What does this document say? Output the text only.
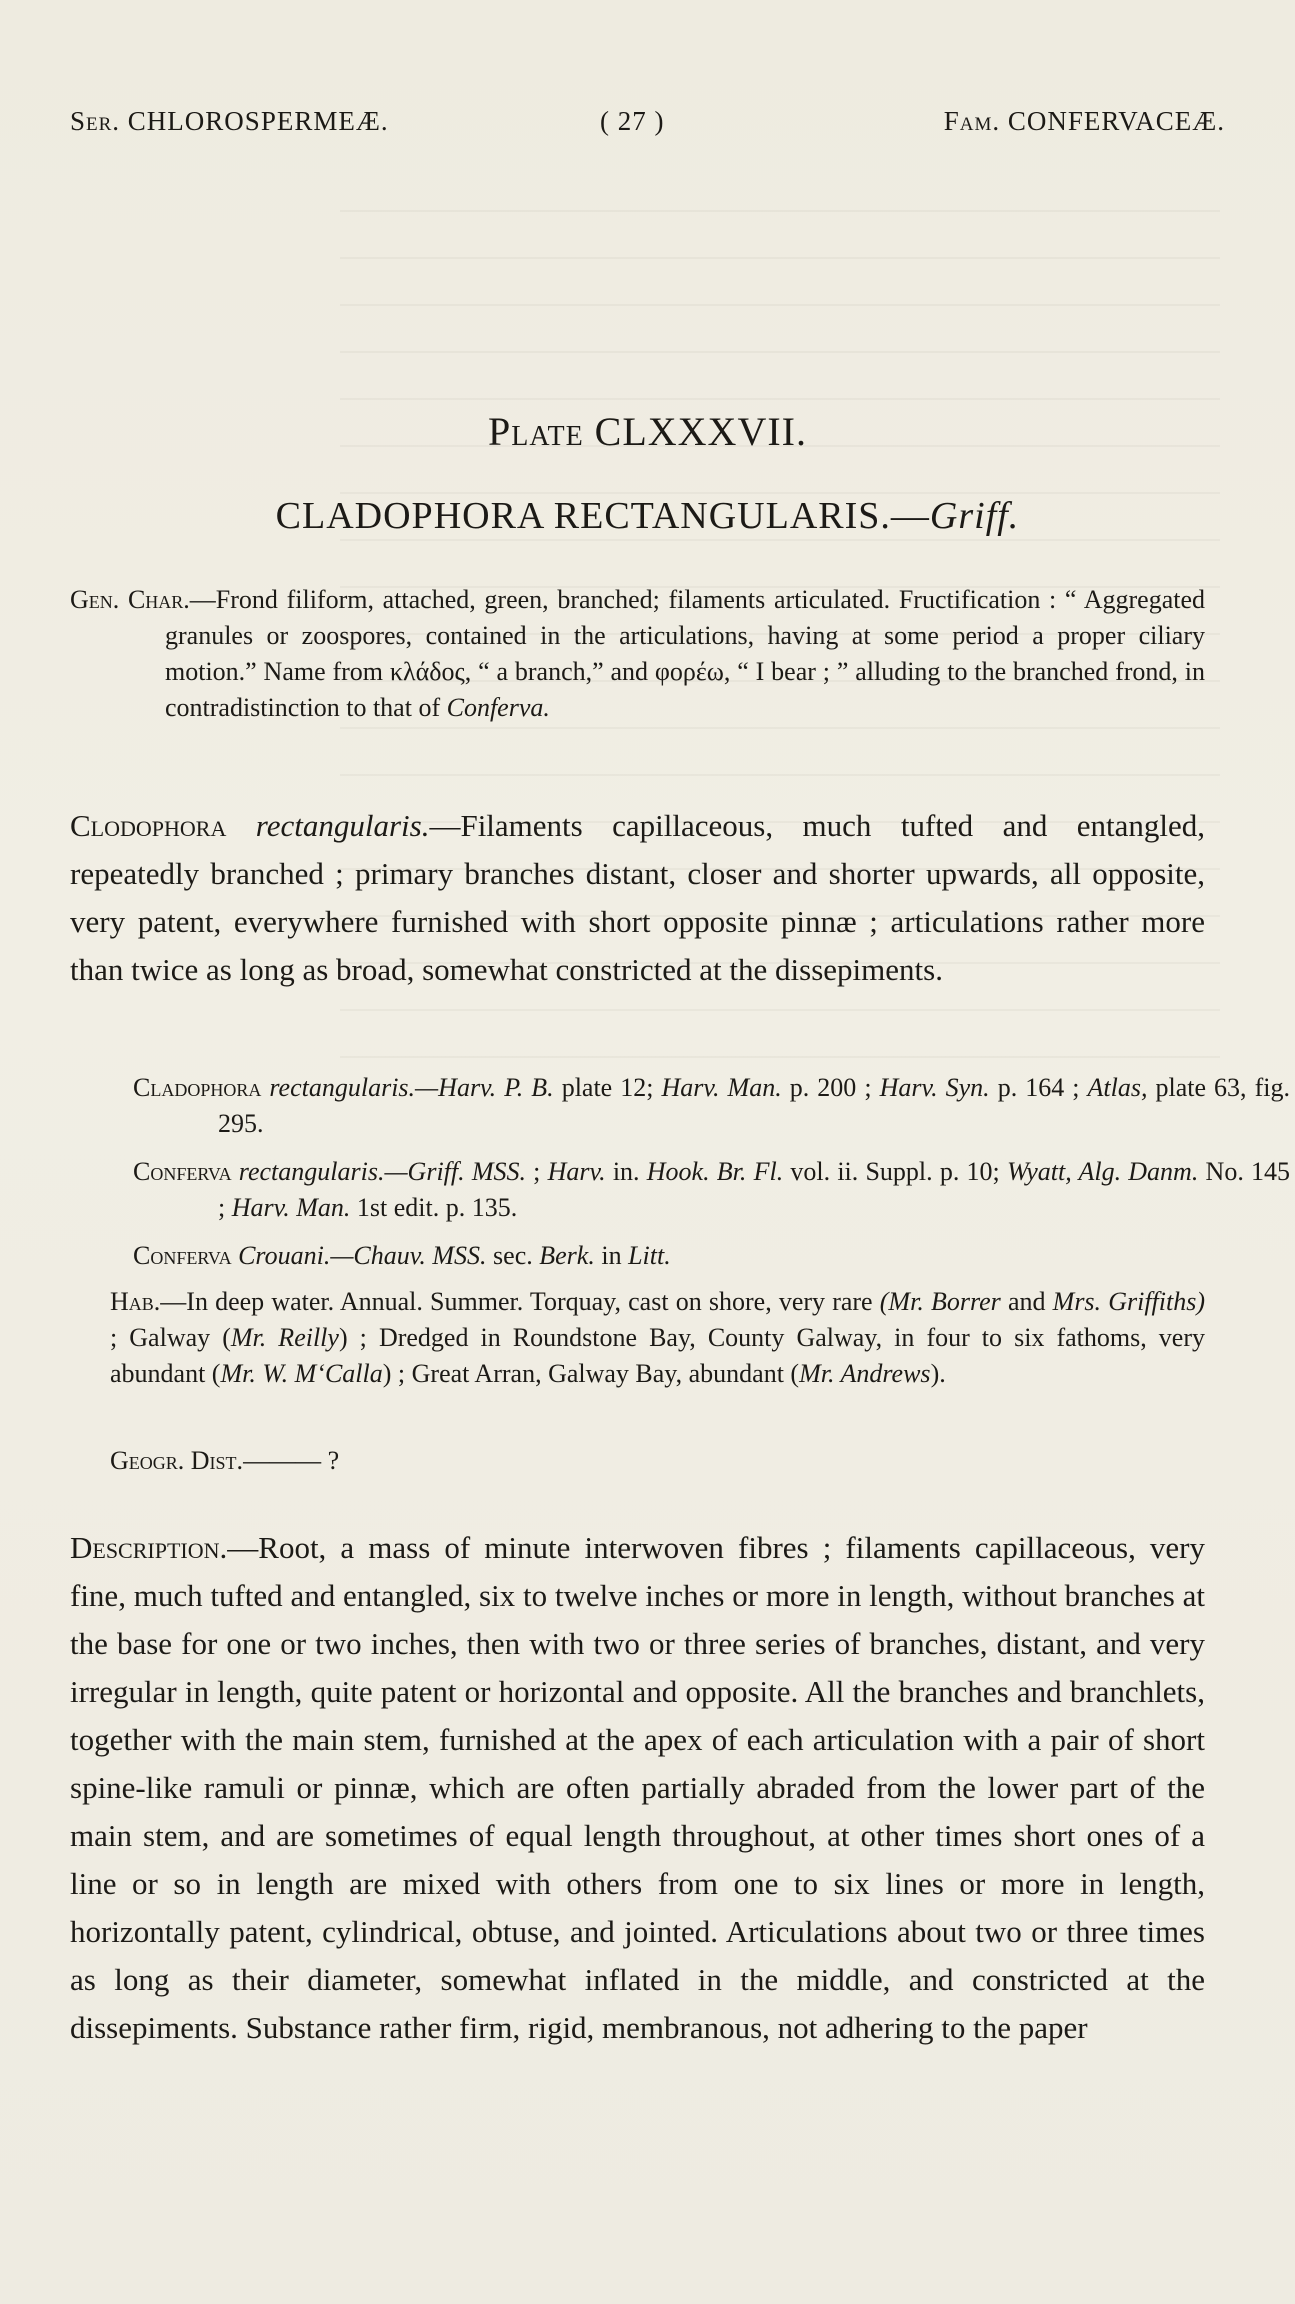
Ser. CHLOROSPERMEÆ.	( 27 )	Fam. CONFERVACEÆ.
Plate CLXXXVII.
CLADOPHORA RECTANGULARIS.—Griff.
Gen. Char.—Frond filiform, attached, green, branched; filaments articulated. Fructification : “ Aggregated granules or zoospores, contained in the articulations, having at some period a proper ciliary motion.” Name from κλάδος, “ a branch,” and φορέω, “ I bear ; ” alluding to the branched frond, in contradistinction to that of Conferva.
Clodophora rectangularis.—Filaments capillaceous, much tufted and entangled, repeatedly branched ; primary branches distant, closer and shorter upwards, all opposite, very patent, everywhere furnished with short opposite pinnæ ; articulations rather more than twice as long as broad, somewhat constricted at the dissepiments.
Cladophora rectangularis.—Harv. P. B. plate 12; Harv. Man. p. 200 ; Harv. Syn. p. 164 ; Atlas, plate 63, fig. 295.
Conferva rectangularis.—Griff. MSS. ; Harv. in. Hook. Br. Fl. vol. ii. Suppl. p. 10; Wyatt, Alg. Danm. No. 145 ; Harv. Man. 1st edit. p. 135.
Conferva Crouani.—Chauv. MSS. sec. Berk. in Litt.
Hab.—In deep water. Annual. Summer. Torquay, cast on shore, very rare (Mr. Borrer and Mrs. Griffiths) ; Galway (Mr. Reilly) ; Dredged in Roundstone Bay, County Galway, in four to six fathoms, very abundant (Mr. W. M‘Calla) ; Great Arran, Galway Bay, abundant (Mr. Andrews).
Geogr. Dist.——— ?
Description.—Root, a mass of minute interwoven fibres ; filaments capillaceous, very fine, much tufted and entangled, six to twelve inches or more in length, without branches at the base for one or two inches, then with two or three series of branches, distant, and very irregular in length, quite patent or horizontal and opposite. All the branches and branchlets, together with the main stem, furnished at the apex of each articulation with a pair of short spine-like ramuli or pinnæ, which are often partially abraded from the lower part of the main stem, and are sometimes of equal length throughout, at other times short ones of a line or so in length are mixed with others from one to six lines or more in length, horizontally patent, cylindrical, obtuse, and jointed. Articulations about two or three times as long as their diameter, somewhat inflated in the middle, and constricted at the dissepiments. Substance rather firm, rigid, membranous, not adhering to the paper
